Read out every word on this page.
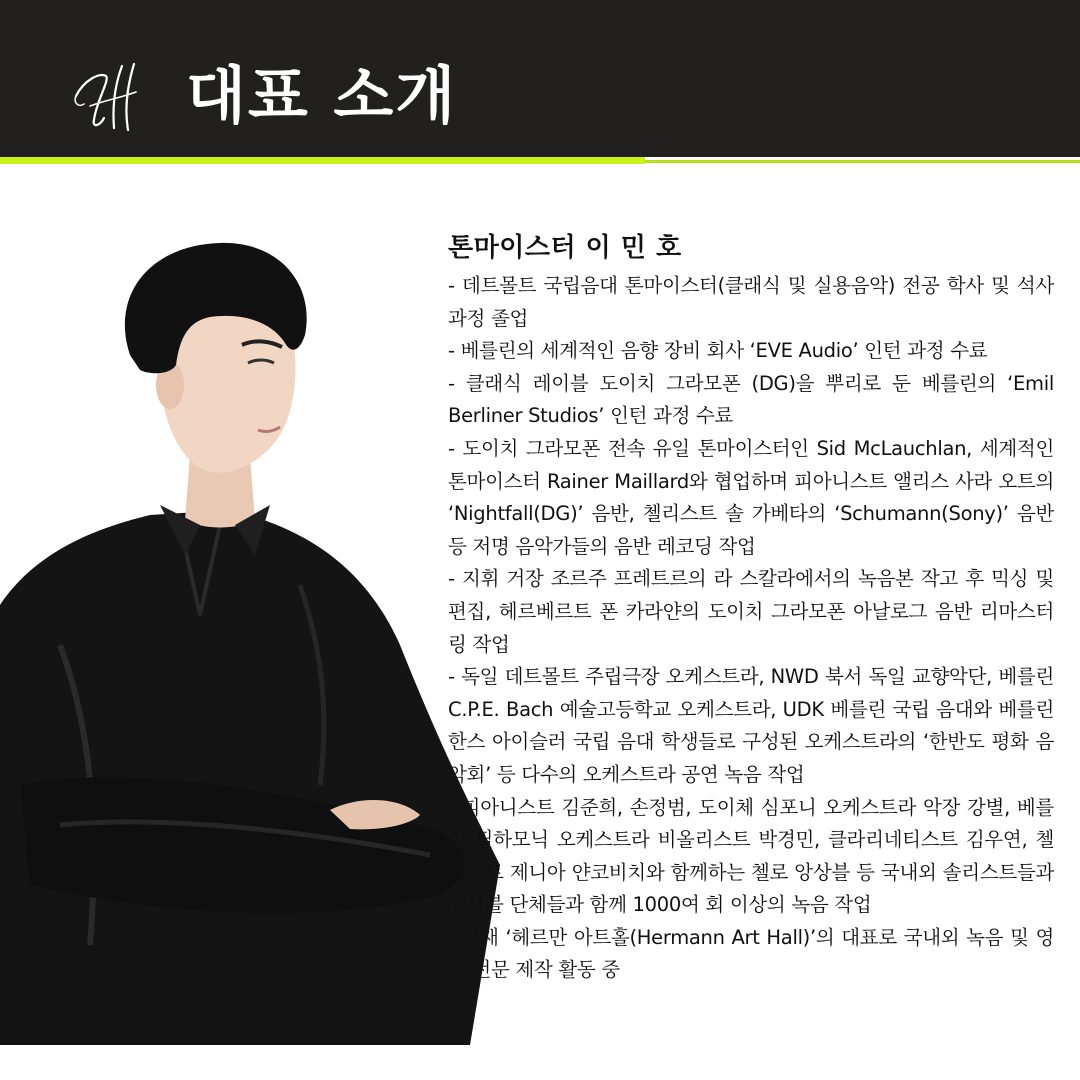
대표 소개
톤마이스터 이 민 호
- 데트몰트 국립음대 톤마이스터(클래식 및 실용음악) 전공 학사 및 석사 과정 졸업
- 베를린의 세계적인 음향 장비 회사 ‘EVE Audio’ 인턴 과정 수료
- 클래식 레이블 도이치 그라모폰 (DG)을 뿌리로 둔 베를린의 ‘Emil Berliner Studios’ 인턴 과정 수료
- 도이치 그라모폰 전속 유일 톤마이스터인 Sid McLauchlan, 세계적인 톤마이스터 Rainer Maillard와 협업하며 피아니스트 앨리스 사라 오트의 ‘Nightfall(DG)’ 음반, 첼리스트 솔 가베타의 ‘Schumann(Sony)’ 음반 등 저명 음악가들의 음반 레코딩 작업
- 지휘 거장 조르주 프레트르의 라 스칼라에서의 녹음본 작고 후 믹싱 및 편집, 헤르베르트 폰 카라얀의 도이치 그라모폰 아날로그 음반 리마스터링 작업
- 독일 데트몰트 주립극장 오케스트라, NWD 북서 독일 교향악단, 베를린 C.P.E. Bach 예술고등학교 오케스트라, UDK 베를린 국립 음대와 베를린 한스 아이슬러 국립 음대 학생들로 구성된 오케스트라의 ‘한반도 평화 음악회’ 등 다수의 오케스트라 공연 녹음 작업
- 피아니스트 김준희, 손정범, 도이체 심포니 오케스트라 악장 강별, 베를린 필하모닉 오케스트라 비올리스트 박경민, 클라리네티스트 김우연, 첼리스트 제니아 얀코비치와 함께하는 첼로 앙상블 등 국내외 솔리스트들과 앙상블 단체들과 함께 1000여 회 이상의 녹음 작업
- 현재 ‘헤르만 아트홀(Hermann Art Hall)’의 대표로 국내외 녹음 및 영상 전문 제작 활동 중
